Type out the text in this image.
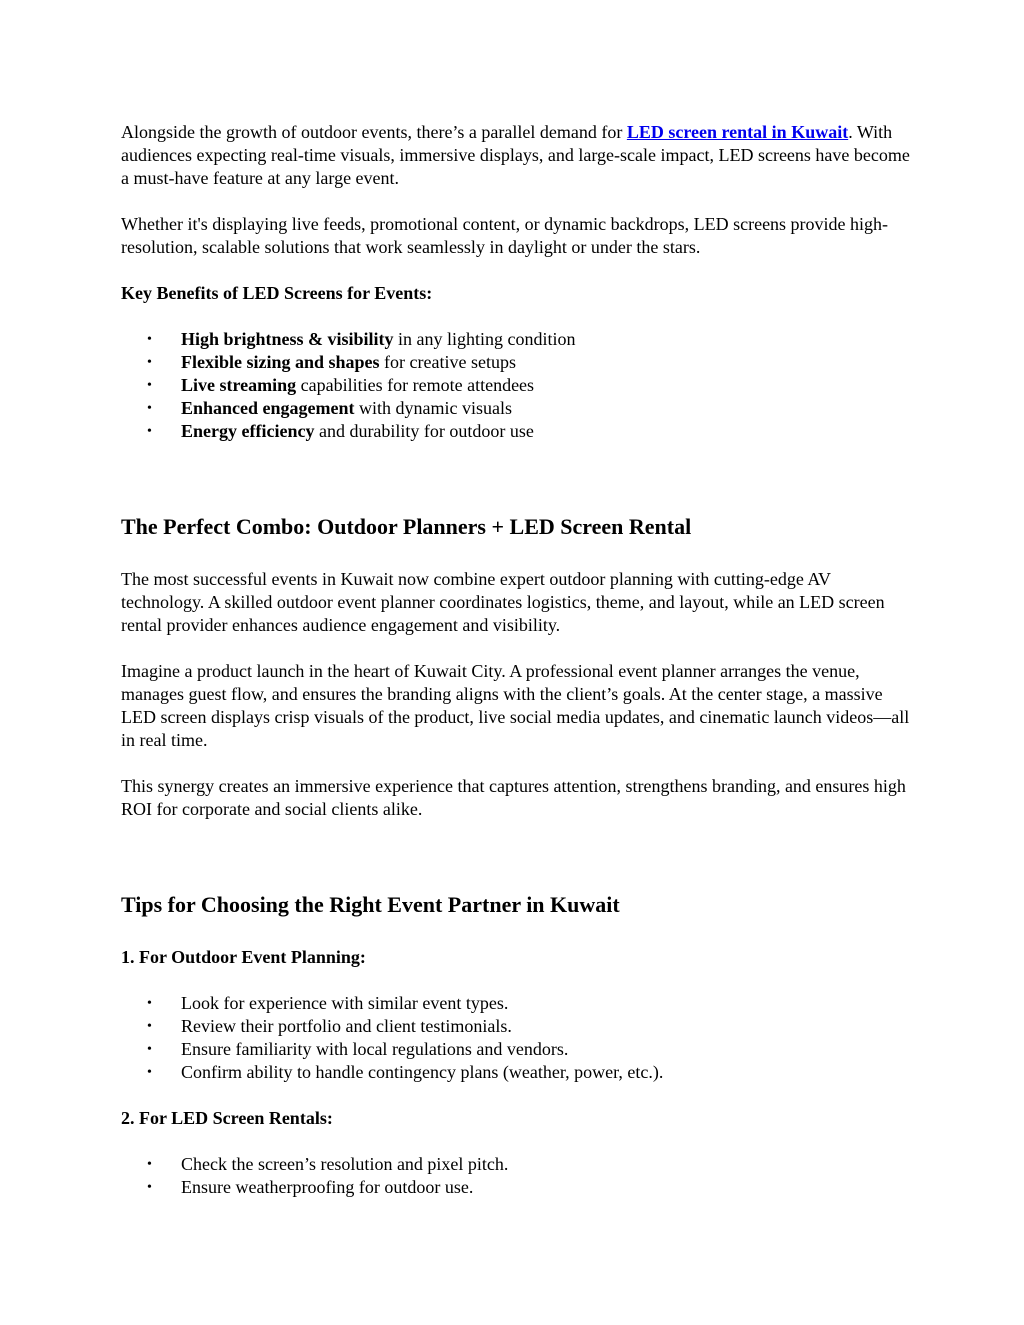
Alongside the growth of outdoor events, there’s a parallel demand for LED screen rental in Kuwait. With audiences expecting real-time visuals, immersive displays, and large-scale impact, LED screens have become a must-have feature at any large event.

Whether it's displaying live feeds, promotional content, or dynamic backdrops, LED screens provide high-resolution, scalable solutions that work seamlessly in daylight or under the stars.

Key Benefits of LED Screens for Events:
• High brightness & visibility in any lighting condition
• Flexible sizing and shapes for creative setups
• Live streaming capabilities for remote attendees
• Enhanced engagement with dynamic visuals
• Energy efficiency and durability for outdoor use
The Perfect Combo: Outdoor Planners + LED Screen Rental

The most successful events in Kuwait now combine expert outdoor planning with cutting-edge AV technology. A skilled outdoor event planner coordinates logistics, theme, and layout, while an LED screen rental provider enhances audience engagement and visibility.

Imagine a product launch in the heart of Kuwait City. A professional event planner arranges the venue, manages guest flow, and ensures the branding aligns with the client’s goals. At the center stage, a massive LED screen displays crisp visuals of the product, live social media updates, and cinematic launch videos—all in real time.

This synergy creates an immersive experience that captures attention, strengthens branding, and ensures high ROI for corporate and social clients alike.

Tips for Choosing the Right Event Partner in Kuwait
1. For Outdoor Event Planning:
• Look for experience with similar event types.
• Review their portfolio and client testimonials.
• Ensure familiarity with local regulations and vendors.
• Confirm ability to handle contingency plans (weather, power, etc.).
2. For LED Screen Rentals:
• Check the screen’s resolution and pixel pitch.
• Ensure weatherproofing for outdoor use.
